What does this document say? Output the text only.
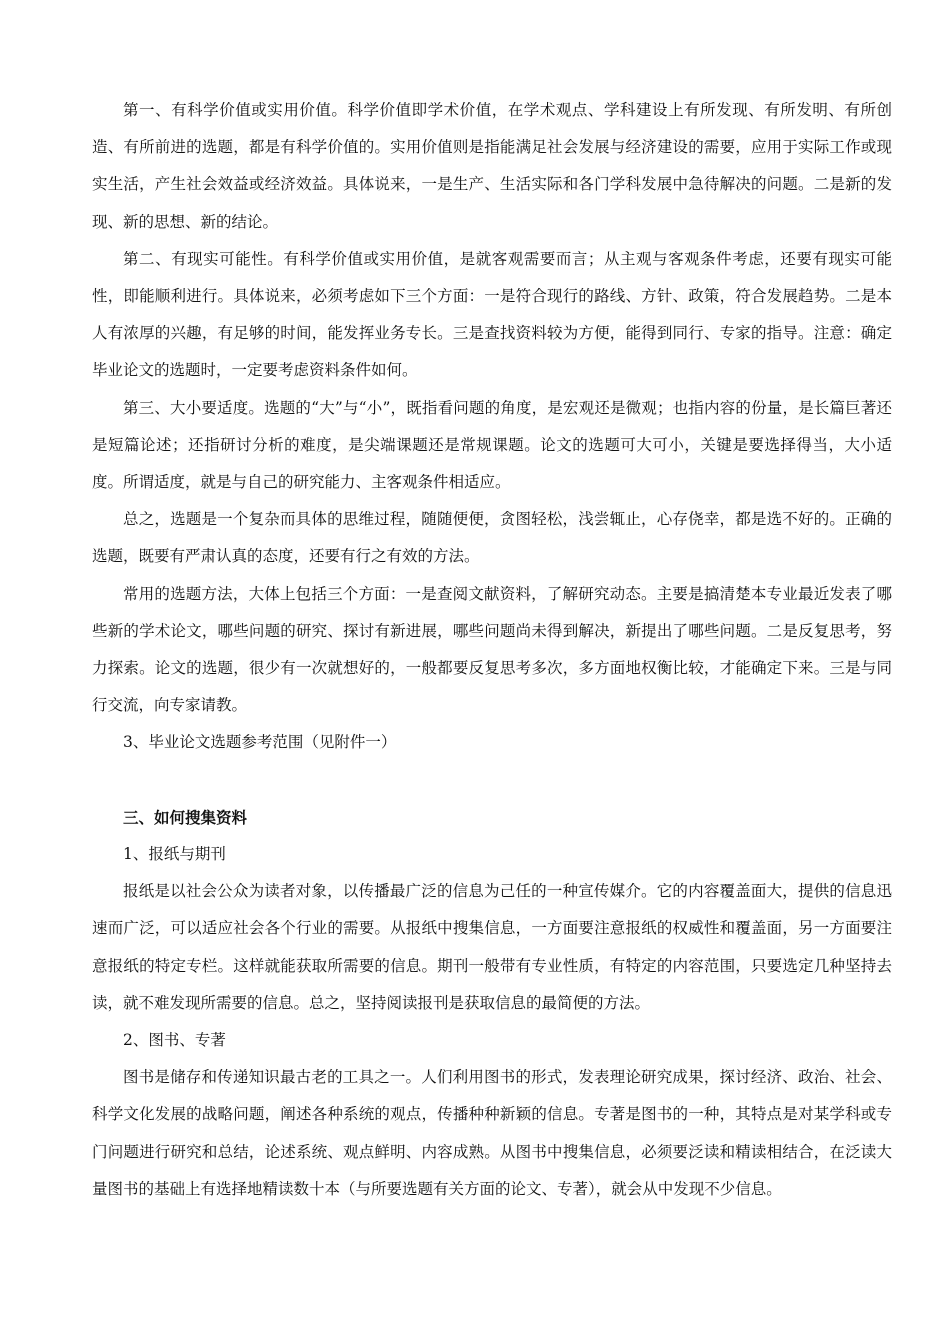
第一、有科学价值或实用价值。科学价值即学术价值，在学术观点、学科建设上有所发现、有所发明、有所创造、有所前进的选题，都是有科学价值的。实用价值则是指能满足社会发展与经济建设的需要，应用于实际工作或现实生活，产生社会效益或经济效益。具体说来，一是生产、生活实际和各门学科发展中急待解决的问题。二是新的发现、新的思想、新的结论。

第二、有现实可能性。有科学价值或实用价值，是就客观需要而言；从主观与客观条件考虑，还要有现实可能性，即能顺利进行。具体说来，必须考虑如下三个方面：一是符合现行的路线、方针、政策，符合发展趋势。二是本人有浓厚的兴趣，有足够的时间，能发挥业务专长。三是查找资料较为方便，能得到同行、专家的指导。注意：确定毕业论文的选题时，一定要考虑资料条件如何。

第三、大小要适度。选题的“大”与“小”，既指看问题的角度，是宏观还是微观；也指内容的份量，是长篇巨著还是短篇论述；还指研讨分析的难度，是尖端课题还是常规课题。论文的选题可大可小，关键是要选择得当，大小适度。所谓适度，就是与自己的研究能力、主客观条件相适应。

总之，选题是一个复杂而具体的思维过程，随随便便，贪图轻松，浅尝辄止，心存侥幸，都是选不好的。正确的选题，既要有严肃认真的态度，还要有行之有效的方法。

常用的选题方法，大体上包括三个方面：一是查阅文献资料，了解研究动态。主要是搞清楚本专业最近发表了哪些新的学术论文，哪些问题的研究、探讨有新进展，哪些问题尚未得到解决，新提出了哪些问题。二是反复思考，努力探索。论文的选题，很少有一次就想好的，一般都要反复思考多次，多方面地权衡比较，才能确定下来。三是与同行交流，向专家请教。

3、毕业论文选题参考范围（见附件一）

三、如何搜集资料

1、报纸与期刊

报纸是以社会公众为读者对象，以传播最广泛的信息为己任的一种宣传媒介。它的内容覆盖面大，提供的信息迅速而广泛，可以适应社会各个行业的需要。从报纸中搜集信息，一方面要注意报纸的权威性和覆盖面，另一方面要注意报纸的特定专栏。这样就能获取所需要的信息。期刊一般带有专业性质，有特定的内容范围，只要选定几种坚持去读，就不难发现所需要的信息。总之，坚持阅读报刊是获取信息的最简便的方法。

2、图书、专著

图书是储存和传递知识最古老的工具之一。人们利用图书的形式，发表理论研究成果，探讨经济、政治、社会、科学文化发展的战略问题，阐述各种系统的观点，传播种种新颖的信息。专著是图书的一种，其特点是对某学科或专门问题进行研究和总结，论述系统、观点鲜明、内容成熟。从图书中搜集信息，必须要泛读和精读相结合，在泛读大量图书的基础上有选择地精读数十本（与所要选题有关方面的论文、专著），就会从中发现不少信息。
